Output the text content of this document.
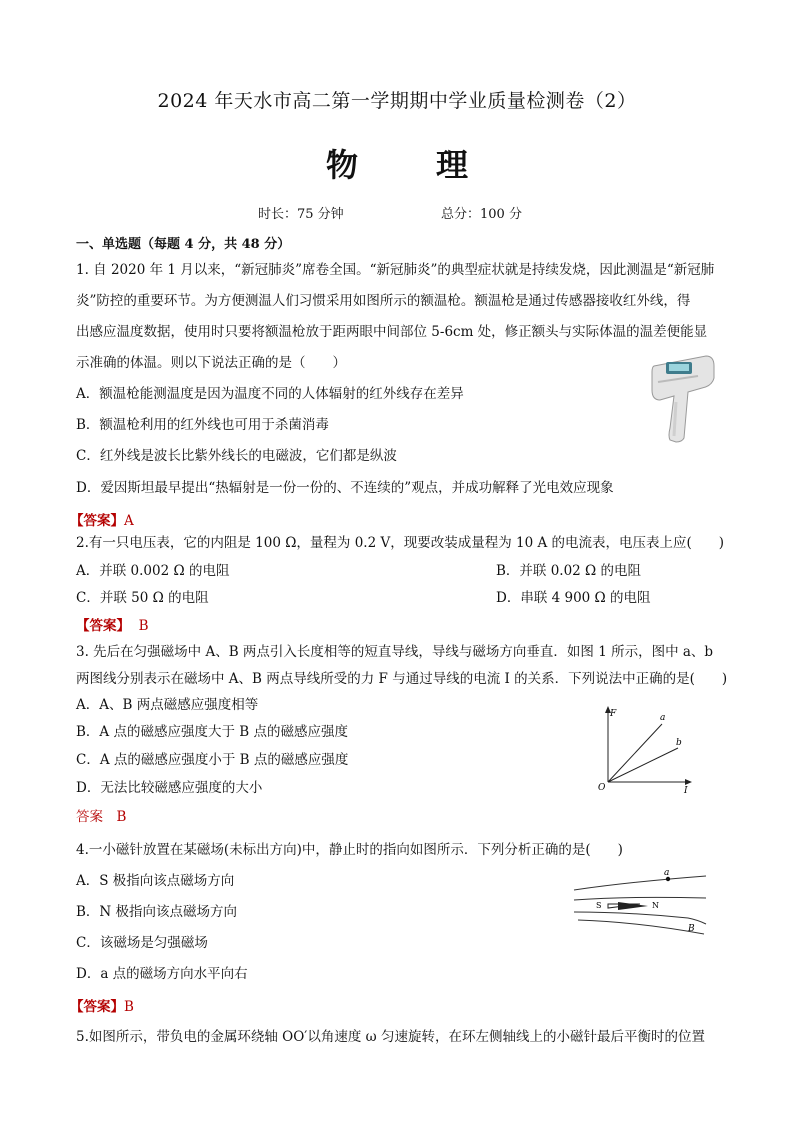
2024 年天水市高二第一学期期中学业质量检测卷（2）
物理
时长：75 分钟	总分：100 分
一、单选题（每题 4 分，共 48 分）
1. 自 2020 年 1 月以来，“新冠肺炎”席卷全国。“新冠肺炎”的典型症状就是持续发烧，因此测温是“新冠肺
炎”防控的重要环节。为方便测温人们习惯采用如图所示的额温枪。额温枪是通过传感器接收红外线，得
出感应温度数据，使用时只要将额温枪放于距两眼中间部位 5-6cm 处，修正额头与实际体温的温差便能显
示准确的体温。则以下说法正确的是（　　）
A．额温枪能测温度是因为温度不同的人体辐射的红外线存在差异
B．额温枪利用的红外线也可用于杀菌消毒
C．红外线是波长比紫外线长的电磁波，它们都是纵波
D．爱因斯坦最早提出“热辐射是一份一份的、不连续的”观点，并成功解释了光电效应现象
【答案】A
2.有一只电压表，它的内阻是 100 Ω，量程为 0.2 V，现要改装成量程为 10 A 的电流表，电压表上应(　　)
A．并联 0.002 Ω 的电阻	B．并联 0.02 Ω 的电阻
C．并联 50 Ω 的电阻	D．串联 4 900 Ω 的电阻
【答案】 B
3. 先后在匀强磁场中 A、B 两点引入长度相等的短直导线，导线与磁场方向垂直．如图 1 所示，图中 a、b
两图线分别表示在磁场中 A、B 两点导线所受的力 F 与通过导线的电流 I 的关系．下列说法中正确的是(　　)
A．A、B 两点磁感应强度相等
B．A 点的磁感应强度大于 B 点的磁感应强度
C．A 点的磁感应强度小于 B 点的磁感应强度
D．无法比较磁感应强度的大小
答案　B
F
I
O
a
b
4.一小磁针放置在某磁场(未标出方向)中，静止时的指向如图所示．下列分析正确的是(　　)
A．S 极指向该点磁场方向
B．N 极指向该点磁场方向
C．该磁场是匀强磁场
D．a 点的磁场方向水平向右
【答案】B
a
B
S	N
5.如图所示，带负电的金属环绕轴 OO′以角速度 ω 匀速旋转，在环左侧轴线上的小磁针最后平衡时的位置
